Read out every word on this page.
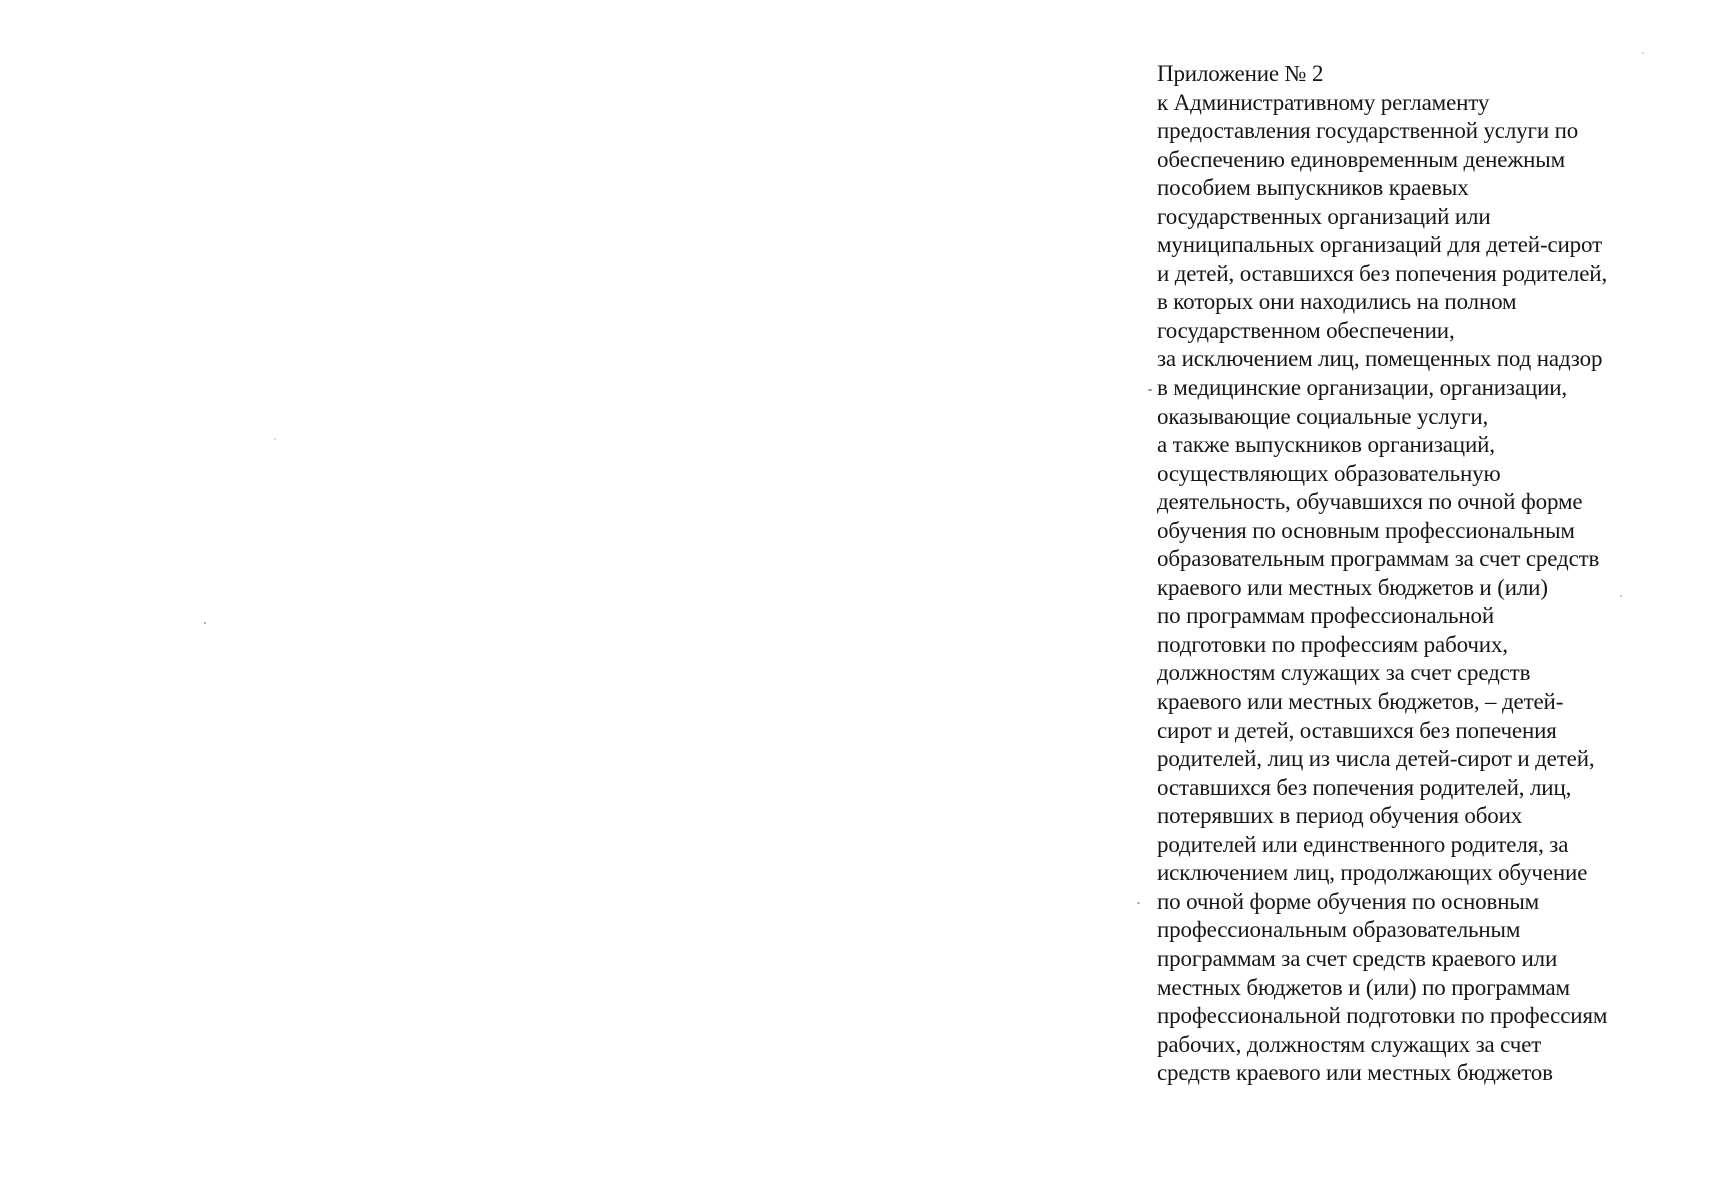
Приложение № 2
к Административному регламенту
предоставления государственной услуги по
обеспечению единовременным денежным
пособием выпускников краевых
государственных организаций или
муниципальных организаций для детей-сирот
и детей, оставшихся без попечения родителей,
в которых они находились на полном
государственном обеспечении,
за исключением лиц, помещенных под надзор
в медицинские организации, организации,
оказывающие социальные услуги,
а также выпускников организаций,
осуществляющих образовательную
деятельность, обучавшихся по очной форме
обучения по основным профессиональным
образовательным программам за счет средств
краевого или местных бюджетов и (или)
по программам профессиональной
подготовки по профессиям рабочих,
должностям служащих за счет средств
краевого или местных бюджетов, – детей-
сирот и детей, оставшихся без попечения
родителей, лиц из числа детей-сирот и детей,
оставшихся без попечения родителей, лиц,
потерявших в период обучения обоих
родителей или единственного родителя, за
исключением лиц, продолжающих обучение
по очной форме обучения по основным
профессиональным образовательным
программам за счет средств краевого или
местных бюджетов и (или) по программам
профессиональной подготовки по профессиям
рабочих, должностям служащих за счет
средств краевого или местных бюджетов
